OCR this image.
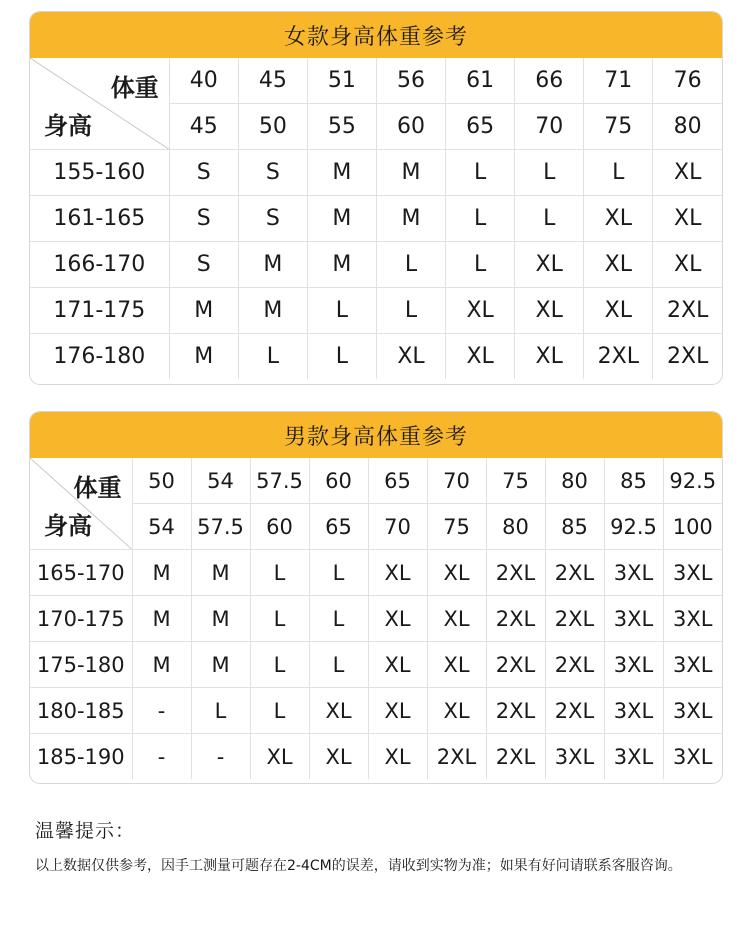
女款身高体重参考
体重
身高	40	45	51	56	61	66	71	76
	45	50	55	60	65	70	75	80
155-160	S	S	M	M	L	L	L	XL
161-165	S	S	M	M	L	L	XL	XL
166-170	S	M	M	L	L	XL	XL	XL
171-175	M	M	L	L	XL	XL	XL	2XL
176-180	M	L	L	XL	XL	XL	2XL	2XL
男款身高体重参考
体重
身高	50	54	57.5	60	65	70	75	80	85	92.5
	54	57.5	60	65	70	75	80	85	92.5	100
165-170	M	M	L	L	XL	XL	2XL	2XL	3XL	3XL
170-175	M	M	L	L	XL	XL	2XL	2XL	3XL	3XL
175-180	M	M	L	L	XL	XL	2XL	2XL	3XL	3XL
180-185	-	L	L	XL	XL	XL	2XL	2XL	3XL	3XL
185-190	-	-	XL	XL	XL	2XL	2XL	3XL	3XL	3XL
温馨提示：
以上数据仅供参考，因手工测量可题存在2-4CM的误差，请收到实物为准；如果有好问请联系客服咨询。
